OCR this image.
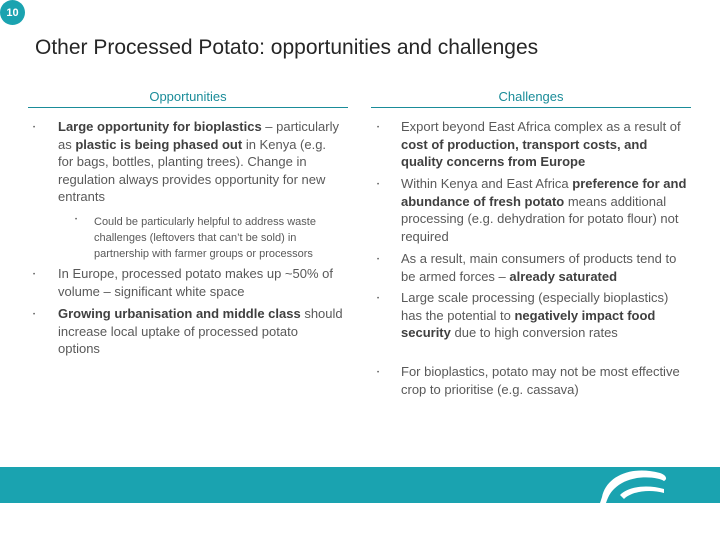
10
Other Processed Potato: opportunities and challenges
Opportunities
• Large opportunity for bioplastics – particularly as plastic is being phased out in Kenya (e.g. for bags, bottles, planting trees). Change in regulation always provides opportunity for new entrants
• Could be particularly helpful to address waste challenges (leftovers that can’t be sold) in partnership with farmer groups or processors
• In Europe, processed potato makes up ~50% of volume – significant white space
• Growing urbanisation and middle class should increase local uptake of processed potato options
Challenges
• Export beyond East Africa complex as a result of cost of production, transport costs, and quality concerns from Europe
• Within Kenya and East Africa preference for and abundance of fresh potato means additional processing (e.g. dehydration for potato flour) not required
• As a result, main consumers of products tend to be armed forces – already saturated
• Large scale processing (especially bioplastics) has the potential to negatively impact food security due to high conversion rates
• For bioplastics, potato may not be most effective crop to prioritise (e.g. cassava)
